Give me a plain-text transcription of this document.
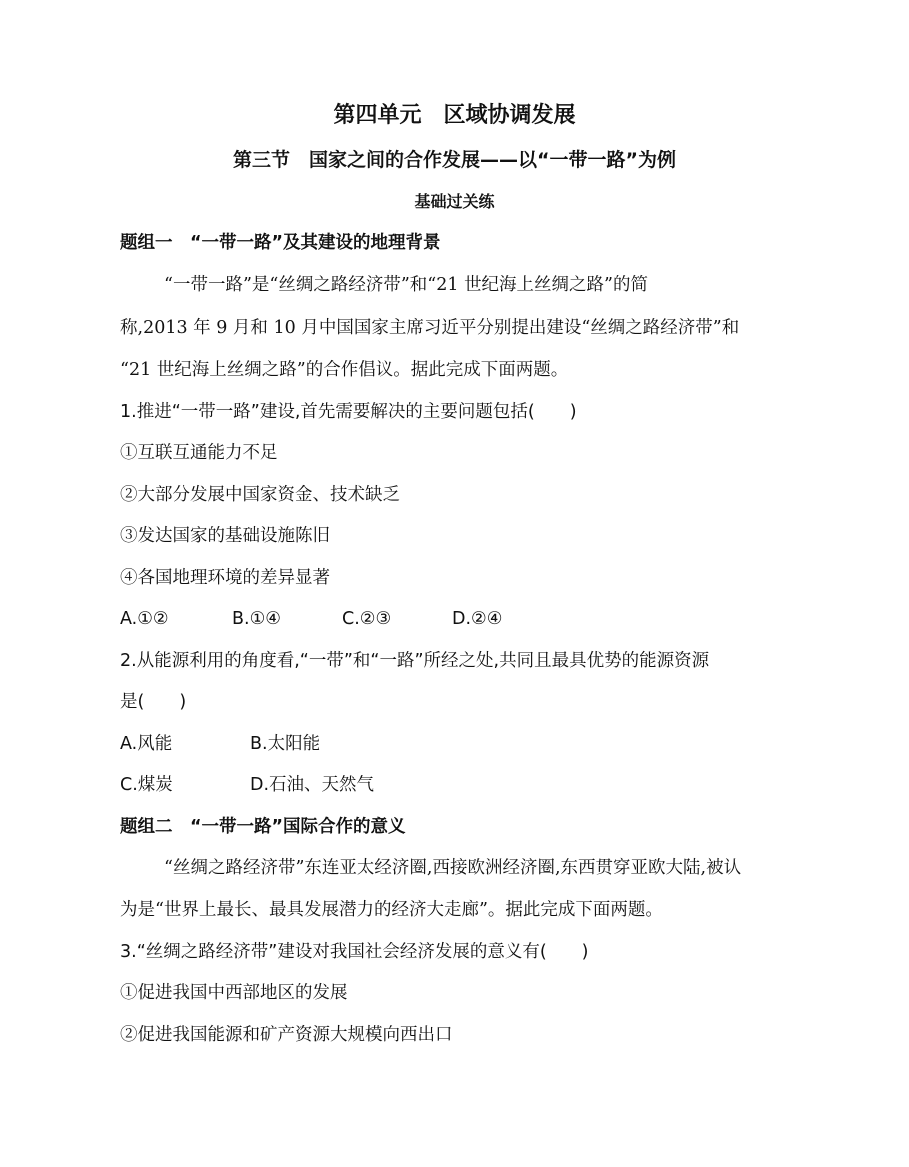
第四单元　区域协调发展
第三节　国家之间的合作发展——以“一带一路”为例
基础过关练
题组一　“一带一路”及其建设的地理背景
“一带一路”是“丝绸之路经济带”和“21 世纪海上丝绸之路”的简
称,2013 年 9 月和 10 月中国国家主席习近平分别提出建设“丝绸之路经济带”和
“21 世纪海上丝绸之路”的合作倡议。据此完成下面两题。
1.推进“一带一路”建设,首先需要解决的主要问题包括(　　)
①互联互通能力不足
②大部分发展中国家资金、技术缺乏
③发达国家的基础设施陈旧
④各国地理环境的差异显著
A.①②	B.①④	C.②③	D.②④
2.从能源利用的角度看,“一带”和“一路”所经之处,共同且最具优势的能源资源
是(　　)
A.风能	B.太阳能
C.煤炭	D.石油、天然气
题组二　“一带一路”国际合作的意义
“丝绸之路经济带”东连亚太经济圈,西接欧洲经济圈,东西贯穿亚欧大陆,被认
为是“世界上最长、最具发展潜力的经济大走廊”。据此完成下面两题。
3.“丝绸之路经济带”建设对我国社会经济发展的意义有(　　)
①促进我国中西部地区的发展
②促进我国能源和矿产资源大规模向西出口
